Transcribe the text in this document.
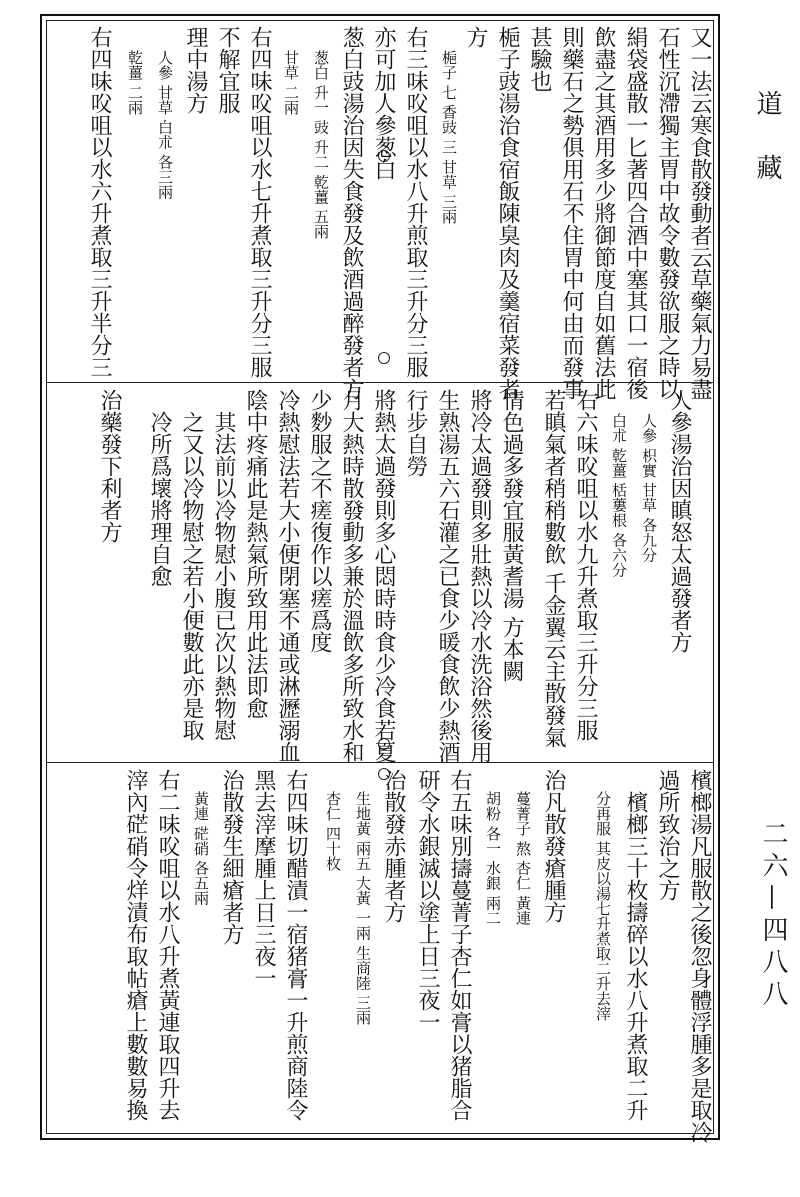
道藏
二六—四八八
又一法云寒食散發動者云草藥氣力易盡
石性沉滯獨主胃中故令數發欲服之時以
絹袋盛散一匕著四合酒中塞其口一宿後
飲盡之其酒用多少將御節度自如舊法此
則藥石之勢俱用石不住胃中何由而發事
甚驗也
梔子豉湯治食宿飯陳臭肉及羹宿菜發者
方
梔子 七 香豉 三 甘草 三兩
右三味㕮咀以水八升煎取三升分三服
亦可加人參葱白
葱白豉湯治因失食發及飲酒過醉發者方
葱白 升一 豉 升二 乾薑 五兩
甘草 二兩
右四味㕮咀以水七升煮取三升分三服
不解宜服
理中湯方
人參 甘草 白朮 各三兩
乾薑 二兩
右四味㕮咀以水六升煮取三升半分三
人參湯治因瞋怒太過發者方
人參 枳實 甘草 各九分
白朮 乾薑 栝蔞根 各六分
右六味㕮咀以水九升煮取三升分三服
若瞋氣者稍稍數飲 千金翼云主散發氣
情色過多發宜服黃耆湯 方本闕
將冷太過發則多壯熱以冷水洗浴然後用
生熟湯五六石灌之已食少暖食飲少熱酒
行步自勞
將熱太過發則多心悶時時食少冷食若夏
月大熱時散發動多兼於溫飲多所致水和
少麨服之不瘥復作以瘥爲度
冷熱慰法若大小便閉塞不通或淋瀝溺血
陰中疼痛此是熱氣所致用此法即愈
其法前以冷物慰小腹已次以熱物慰
之又以冷物慰之若小便數此亦是取
冷所爲壞將理自愈
治藥發下利者方
檳榔湯凡服散之後忽身體浮腫多是取冷
過所致治之方
檳榔三十枚擣碎以水八升煮取二升
分再服 其皮以湯七升煮取二升去滓
治凡散發瘡腫方
蔓菁子 熬 杏仁 黃連
胡粉 各一 水銀 兩二
右五味別擣蔓菁子杏仁如膏以猪脂合
研令水銀滅以塗上日三夜一
治散發赤腫者方
生地黃 兩五 大黃 一兩 生商陸 三兩
杏仁 四十枚
右四味切醋漬一宿猪膏一升煎商陸令
黑去滓摩腫上日三夜一
治散發生細瘡者方
黃連 硭硝 各五兩
右二味㕮咀以水八升煮黃連取四升去
滓內硭硝令烊漬布取帖瘡上數數易換
